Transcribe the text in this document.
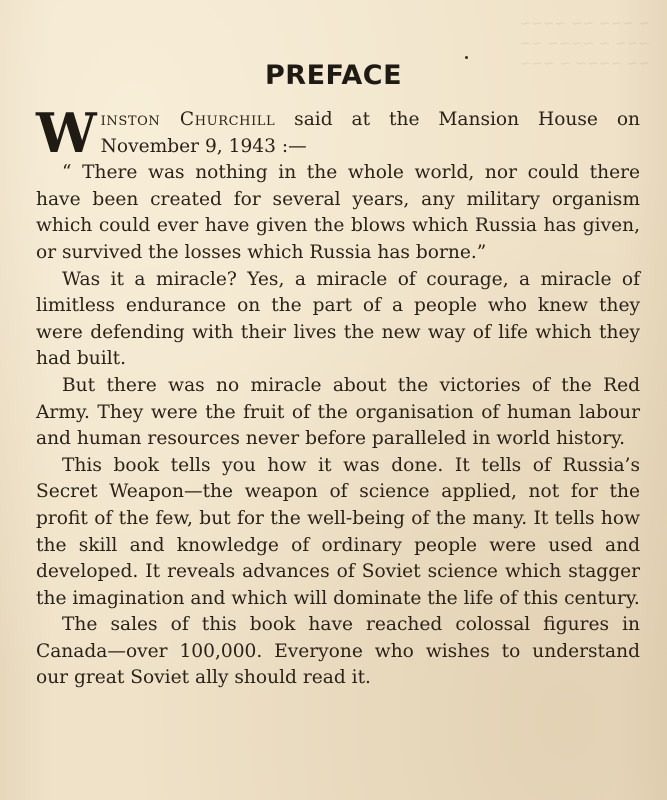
~ ~~~ ~~ ~~~~
~~~ ~ ~~~~ ~~
~~ ~~~~ ~ ~~~
PREFACE

Winston Churchill said at the Mansion House on November 9, 1943 :—

“ There was nothing in the whole world, nor could there have been created for several years, any military organism which could ever have given the blows which Russia has given, or survived the losses which Russia has borne.”

Was it a miracle? Yes, a miracle of courage, a miracle of limitless endurance on the part of a people who knew they were defending with their lives the new way of life which they had built.

But there was no miracle about the victories of the Red Army. They were the fruit of the organisation of human labour and human resources never before paralleled in world history.

This book tells you how it was done. It tells of Russia’s Secret Weapon—the weapon of science applied, not for the profit of the few, but for the well-being of the many. It tells how the skill and knowledge of ordinary people were used and developed. It reveals advances of Soviet science which stagger the imagination and which will dominate the life of this century.

The sales of this book have reached colossal figures in Canada—over 100,000. Everyone who wishes to understand our great Soviet ally should read it.
